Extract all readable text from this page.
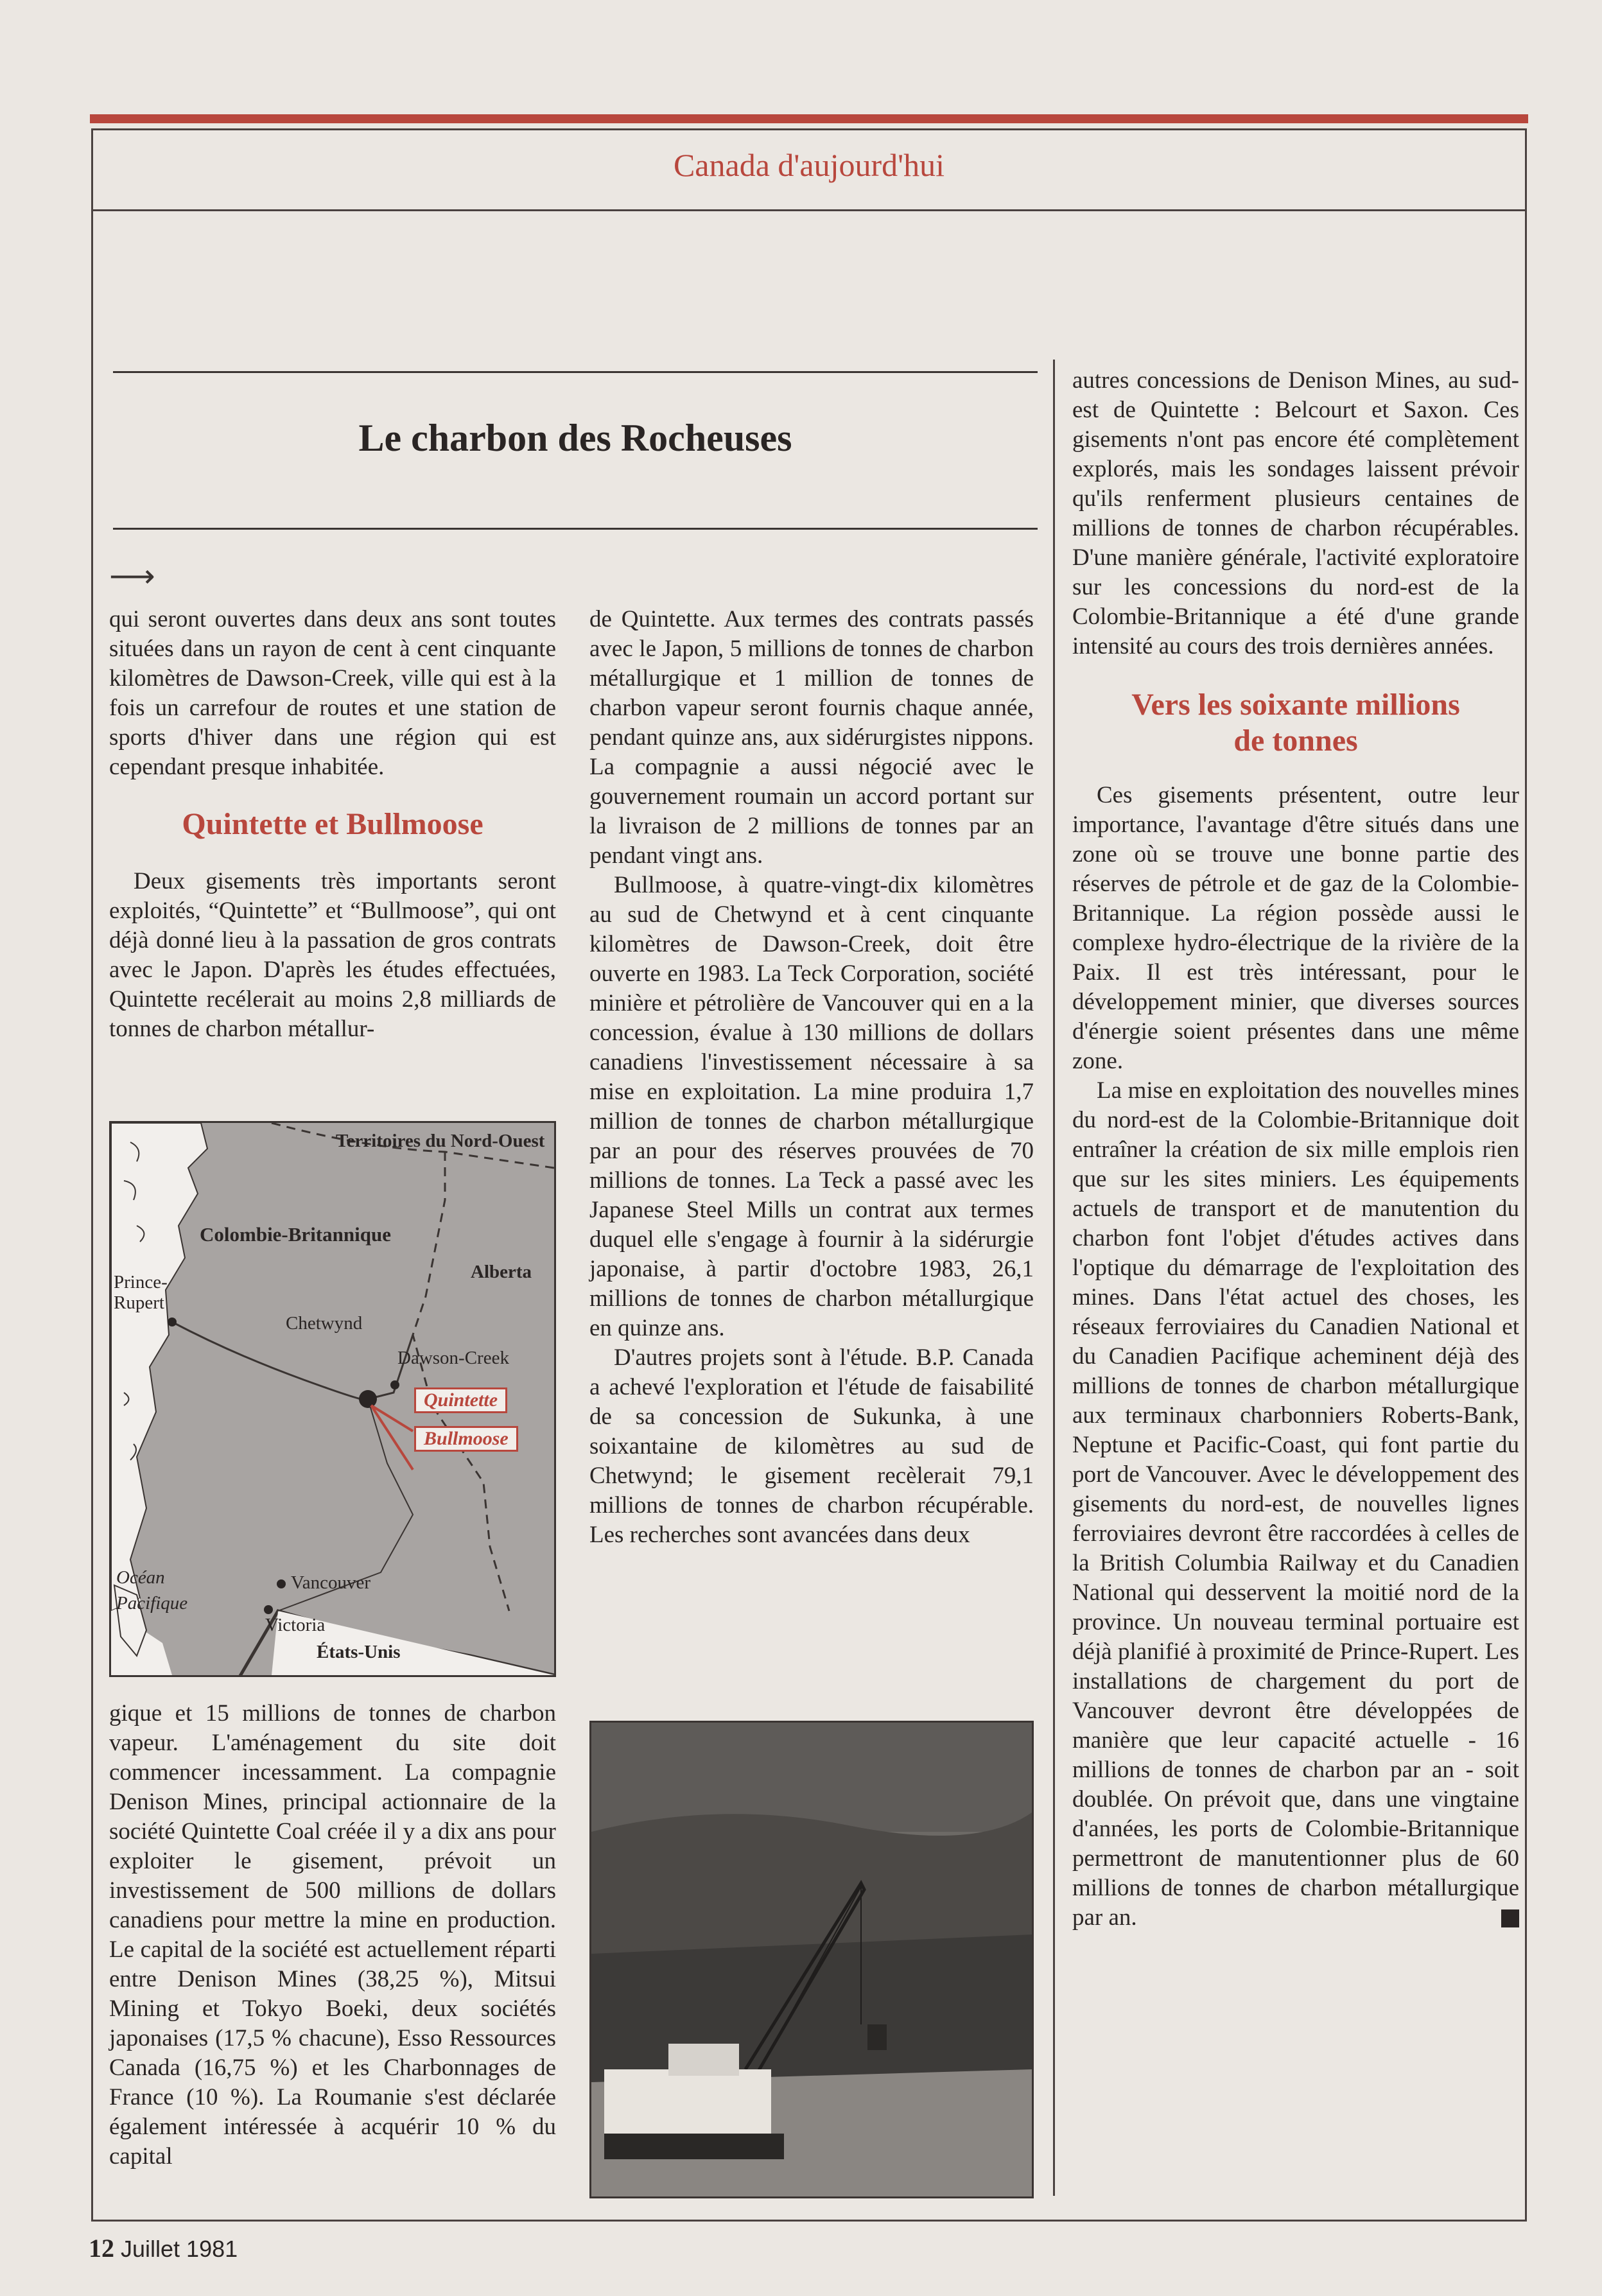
Canada d'aujourd'hui
Le charbon des Rocheuses
⟶

qui seront ouvertes dans deux ans sont toutes situées dans un rayon de cent à cent cinquante kilomètres de Dawson-Creek, ville qui est à la fois un carrefour de routes et une station de sports d'hiver dans une région qui est cependant presque inhabitée.

Quintette et Bullmoose

Deux gisements très importants seront exploités, “Quintette” et “Bullmoose”, qui ont déjà donné lieu à la passation de gros contrats avec le Japon. D'après les études effectuées, Quintette recélerait au moins 2,8 milliards de tonnes de charbon métallur-

Territoires du Nord-Ouest
Colombie-Britannique
Alberta
Prince-
Rupert
Chetwynd
Dawson-Creek
Quintette
Bullmoose
Océan
Pacifique
Vancouver
Victoria
États-Unis

gique et 15 millions de tonnes de charbon vapeur. L'aménagement du site doit commencer incessamment. La compagnie Denison Mines, principal actionnaire de la société Quintette Coal créée il y a dix ans pour exploiter le gisement, prévoit un investissement de 500 millions de dollars canadiens pour mettre la mine en production. Le capital de la société est actuellement réparti entre Denison Mines (38,25 %), Mitsui Mining et Tokyo Boeki, deux sociétés japonaises (17,5 % chacune), Esso Ressources Canada (16,75 %) et les Charbonnages de France (10 %). La Roumanie s'est déclarée également intéressée à acquérir 10 % du capital

de Quintette. Aux termes des contrats passés avec le Japon, 5 millions de tonnes de charbon métallurgique et 1 million de tonnes de charbon vapeur seront fournis chaque année, pendant quinze ans, aux sidérurgistes nippons. La compagnie a aussi négocié avec le gouvernement roumain un accord portant sur la livraison de 2 millions de tonnes par an pendant vingt ans.

Bullmoose, à quatre-vingt-dix kilomètres au sud de Chetwynd et à cent cinquante kilomètres de Dawson-Creek, doit être ouverte en 1983. La Teck Corporation, société minière et pétrolière de Vancouver qui en a la concession, évalue à 130 millions de dollars canadiens l'investissement nécessaire à sa mise en exploitation. La mine produira 1,7 million de tonnes de charbon métallurgique par an pour des réserves prouvées de 70 millions de tonnes. La Teck a passé avec les Japanese Steel Mills un contrat aux termes duquel elle s'engage à fournir à la sidérurgie japonaise, à partir d'octobre 1983, 26,1 millions de tonnes de charbon métallurgique en quinze ans.

D'autres projets sont à l'étude. B.P. Canada a achevé l'exploration et l'étude de faisabilité de sa concession de Sukunka, à une soixantaine de kilomètres au sud de Chetwynd; le gisement recèlerait 79,1 millions de tonnes de charbon récupérable. Les recherches sont avancées dans deux

autres concessions de Denison Mines, au sud-est de Quintette : Belcourt et Saxon. Ces gisements n'ont pas encore été complètement explorés, mais les sondages laissent prévoir qu'ils renferment plusieurs centaines de millions de tonnes de charbon récupérables. D'une manière générale, l'activité exploratoire sur les concessions du nord-est de la Colombie-Britannique a été d'une grande intensité au cours des trois dernières années.

Vers les soixante millions
de tonnes

Ces gisements présentent, outre leur importance, l'avantage d'être situés dans une zone où se trouve une bonne partie des réserves de pétrole et de gaz de la Colombie-Britannique. La région possède aussi le complexe hydro-électrique de la rivière de la Paix. Il est très intéressant, pour le développement minier, que diverses sources d'énergie soient présentes dans une même zone.

La mise en exploitation des nouvelles mines du nord-est de la Colombie-Britannique doit entraîner la création de six mille emplois rien que sur les sites miniers. Les équipements actuels de transport et de manutention du charbon font l'objet d'études actives dans l'optique du démarrage de l'exploitation des mines. Dans l'état actuel des choses, les réseaux ferroviaires du Canadien National et du Canadien Pacifique acheminent déjà des millions de tonnes de charbon métallurgique aux terminaux charbonniers Roberts-Bank, Neptune et Pacific-Coast, qui font partie du port de Vancouver. Avec le développement des gisements du nord-est, de nouvelles lignes ferroviaires devront être raccordées à celles de la British Columbia Railway et du Canadien National qui desservent la moitié nord de la province. Un nouveau terminal portuaire est déjà planifié à proximité de Prince-Rupert. Les installations de chargement du port de Vancouver devront être développées de manière que leur capacité actuelle - 16 millions de tonnes de charbon par an - soit doublée. On prévoit que, dans une vingtaine d'années, les ports de Colombie-Britannique permettront de manutentionner plus de 60 millions de tonnes de charbon métallurgique par an.

12 Juillet 1981
